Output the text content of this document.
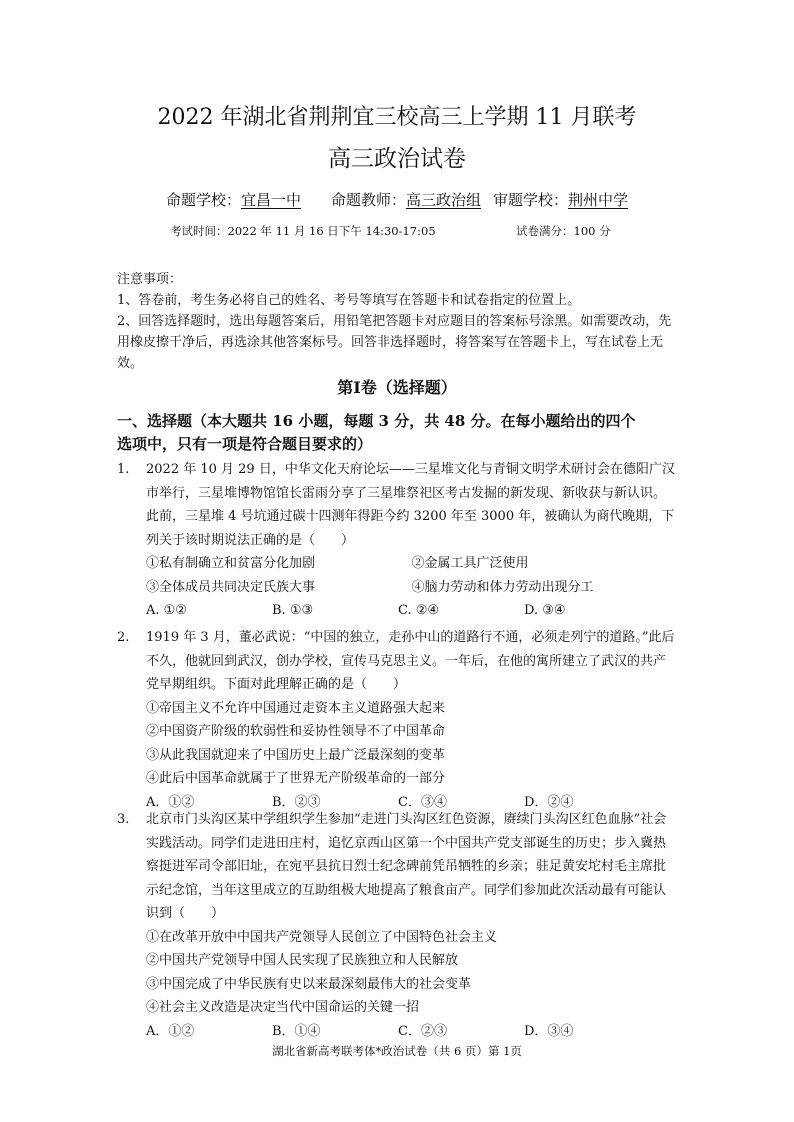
2022 年湖北省荆荆宜三校高三上学期 11 月联考
高三政治试卷
命题学校：宜昌一中 命题教师：高三政治组 审题学校：荆州中学
考试时间：2022 年 11 月 16 日下午 14:30-17:05	试卷满分：100 分

注意事项：

1、答卷前，考生务必将自己的姓名、考号等填写在答题卡和试卷指定的位置上。

2、回答选择题时，选出每题答案后，用铅笔把答题卡对应题目的答案标号涂黑。如需要改动，先用橡皮擦干净后，再选涂其他答案标号。回答非选择题时，将答案写在答题卡上，写在试卷上无效。

第Ⅰ卷（选择题）

一、选择题（本大题共 16 小题，每题 3 分，共 48 分。在每小题给出的四个

选项中，只有一项是符合题目要求的）

1.	2022 年 10 月 29 日，中华文化天府论坛——三星堆文化与青铜文明学术研讨会在德阳广汉市举行，三星堆博物馆馆长雷雨分享了三星堆祭祀区考古发掘的新发现、新收获与新认识。此前，三星堆 4 号坑通过碳十四测年得距今约 3200 年至 3000 年，被确认为商代晚期，下列关于该时期说法正确的是（　　）
①私有制确立和贫富分化加剧	②金属工具广泛使用
③全体成员共同决定氏族大事	④脑力劳动和体力劳动出现分工
A. ①②	B. ①③	C. ②④	D. ③④
2.	1919 年 3 月，董必武说：“中国的独立，走孙中山的道路行不通，必须走列宁的道路。”此后不久，他就回到武汉，创办学校，宣传马克思主义。一年后，在他的寓所建立了武汉的共产党早期组织。下面对此理解正确的是（　　）
①帝国主义不允许中国通过走资本主义道路强大起来
②中国资产阶级的软弱性和妥协性领导不了中国革命
③从此我国就迎来了中国历史上最广泛最深刻的变革
④此后中国革命就属于了世界无产阶级革命的一部分
A．①②	B．②③	C．③④	D．②④
3.	北京市门头沟区某中学组织学生参加“走进门头沟区红色资源，赓续门头沟区红色血脉”社会实践活动。同学们走进田庄村，追忆京西山区第一个中国共产党支部诞生的历史；步入冀热察挺进军司令部旧址，在宛平县抗日烈士纪念碑前凭吊牺牲的乡亲；驻足黄安坨村毛主席批示纪念馆，当年这里成立的互助组极大地提高了粮食亩产。同学们参加此次活动最有可能认识到（　　）
①在改革开放中中国共产党领导人民创立了中国特色社会主义
②中国共产党领导中国人民实现了民族独立和人民解放
③中国完成了中华民族有史以来最深刻最伟大的社会变革
④社会主义改造是决定当代中国命运的关键一招
A．①②	B．①④	C．②③	D．③④
湖北省新高考联考体*政治试卷（共 6 页）第 1页
